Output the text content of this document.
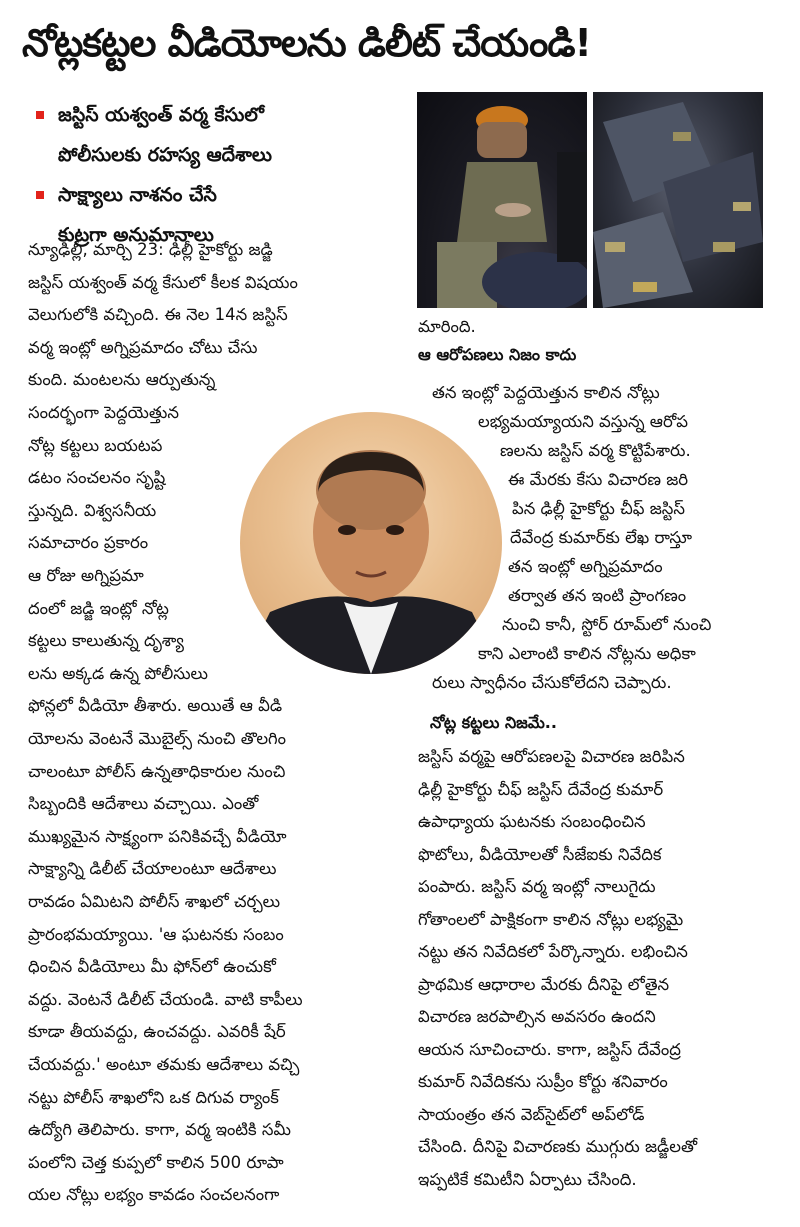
నోట్లకట్టల వీడియోలను డిలీట్ చేయండి!
జస్టిస్ యశ్వంత్ వర్మ కేసులో
పోలీసులకు రహస్య ఆదేశాలు
సాక్ష్యాలు నాశనం చేసే
కుట్రగా అనుమానాలు
న్యూఢిల్లీ, మార్చి 23: ఢిల్లీ హైకోర్టు జడ్జి
జస్టిస్ యశ్వంత్ వర్మ కేసులో కీలక విషయం
వెలుగులోకి వచ్చింది. ఈ నెల 14న జస్టిస్
వర్మ ఇంట్లో అగ్నిప్రమాదం చోటు చేసు
కుంది. మంటలను ఆర్పుతున్న
సందర్భంగా పెద్దయెత్తున
నోట్ల కట్టలు బయటప
డటం సంచలనం సృష్టి
స్తున్నది. విశ్వసనీయ
సమాచారం ప్రకారం
ఆ రోజు అగ్నిప్రమా
దంలో జడ్జి ఇంట్లో నోట్ల
కట్టలు కాలుతున్న దృశ్యా
లను అక్కడ ఉన్న పోలీసులు
ఫోన్లలో వీడియో తీశారు. అయితే ఆ వీడి
యోలను వెంటనే మొబైల్స్ నుంచి తొలగిం
చాలంటూ పోలీస్ ఉన్నతాధికారుల నుంచి
సిబ్బందికి ఆదేశాలు వచ్చాయి. ఎంతో
ముఖ్యమైన సాక్ష్యంగా పనికివచ్చే వీడియో
సాక్ష్యాన్ని డిలీట్ చేయాలంటూ ఆదేశాలు
రావడం ఏమిటని పోలీస్ శాఖలో చర్చలు
ప్రారంభమయ్యాయి. 'ఆ ఘటనకు సంబం
ధించిన వీడియోలు మీ ఫోన్‌లో ఉంచుకో
వద్దు. వెంటనే డిలీట్ చేయండి. వాటి కాపీలు
కూడా తీయవద్దు, ఉంచవద్దు. ఎవరికీ షేర్
చేయవద్దు.' అంటూ తమకు ఆదేశాలు వచ్చి
నట్టు పోలీస్ శాఖలోని ఒక దిగువ ర్యాంక్
ఉద్యోగి తెలిపారు. కాగా, వర్మ ఇంటికి సమీ
పంలోని చెత్త కుప్పలో కాలిన 500 రూపా
యల నోట్లు లభ్యం కావడం సంచలనంగా
మారింది.
ఆ ఆరోపణలు నిజం కాదు
తన ఇంట్లో పెద్దయెత్తున కాలిన నోట్లు
లభ్యమయ్యాయని వస్తున్న ఆరోప
ణలను జస్టిస్ వర్మ కొట్టిపేశారు.
ఈ మేరకు కేసు విచారణ జరి
పిన ఢిల్లీ హైకోర్టు చీఫ్ జస్టిస్
దేవేంద్ర కుమార్‌కు లేఖ రాస్తూ
తన ఇంట్లో అగ్నిప్రమాదం
తర్వాత తన ఇంటి ప్రాంగణం
నుంచి కానీ, స్టోర్ రూమ్‌లో నుంచి
కాని ఎలాంటి కాలిన నోట్లను అధికా
రులు స్వాధీనం చేసుకోలేదని చెప్పారు.
నోట్ల కట్టలు నిజమే..
జస్టిస్ వర్మపై ఆరోపణలపై విచారణ జరిపిన
ఢిల్లీ హైకోర్టు చీఫ్ జస్టిస్ దేవేంద్ర కుమార్
ఉపాధ్యాయ ఘటనకు సంబంధించిన
ఫొటోలు, వీడియోలతో సీజేఐకు నివేదిక
పంపారు. జస్టిస్ వర్మ ఇంట్లో నాలుగైదు
గోతాంలలో పాక్షికంగా కాలిన నోట్లు లభ్యమై
నట్టు తన నివేదికలో పేర్కొన్నారు. లభించిన
ప్రాథమిక ఆధారాల మేరకు దీనిపై లోతైన
విచారణ జరపాల్సిన అవసరం ఉందని
ఆయన సూచించారు. కాగా, జస్టిస్ దేవేంద్ర
కుమార్ నివేదికను సుప్రీం కోర్టు శనివారం
సాయంత్రం తన వెబ్‌సైట్‌లో అప్‌లోడ్
చేసింది. దీనిపై విచారణకు ముగ్గురు జడ్జీలతో
ఇప్పటికే కమిటీని ఏర్పాటు చేసింది.
